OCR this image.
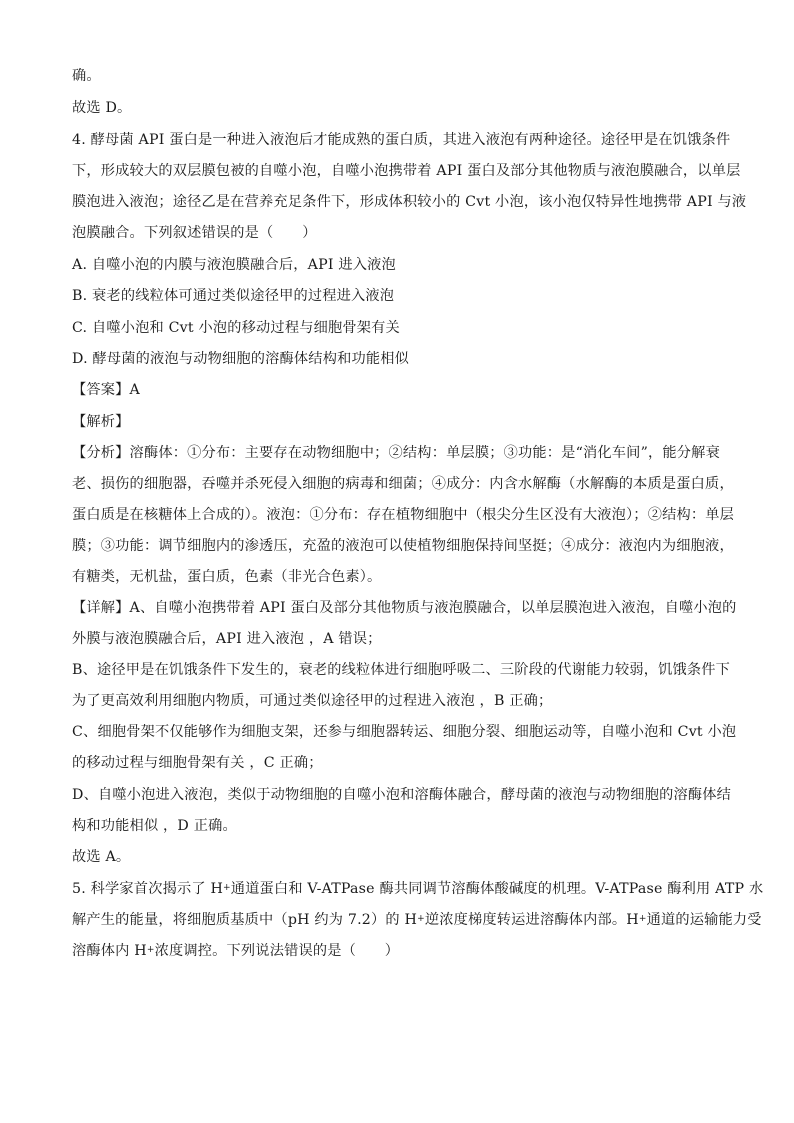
确。
故选 D。
4. 酵母菌 API 蛋白是一种进入液泡后才能成熟的蛋白质，其进入液泡有两种途径。途径甲是在饥饿条件
下，形成较大的双层膜包被的自噬小泡，自噬小泡携带着 API 蛋白及部分其他物质与液泡膜融合，以单层
膜泡进入液泡；途径乙是在营养充足条件下，形成体积较小的 Cvt 小泡，该小泡仅特异性地携带 API 与液
泡膜融合。下列叙述错误的是（　　）
A. 自噬小泡的内膜与液泡膜融合后，API 进入液泡
B. 衰老的线粒体可通过类似途径甲的过程进入液泡
C. 自噬小泡和 Cvt 小泡的移动过程与细胞骨架有关
D. 酵母菌的液泡与动物细胞的溶酶体结构和功能相似
【答案】A
【解析】
【分析】溶酶体：①分布：主要存在动物细胞中；②结构：单层膜；③功能：是“消化车间”，能分解衰
老、损伤的细胞器，吞噬并杀死侵入细胞的病毒和细菌；④成分：内含水解酶（水解酶的本质是蛋白质，
蛋白质是在核糖体上合成的）。液泡：①分布：存在植物细胞中（根尖分生区没有大液泡）；②结构：单层
膜；③功能：调节细胞内的渗透压，充盈的液泡可以使植物细胞保持间坚挺；④成分：液泡内为细胞液，
有糖类，无机盐，蛋白质，色素（非光合色素）。
【详解】A、自噬小泡携带着 API 蛋白及部分其他物质与液泡膜融合，以单层膜泡进入液泡，自噬小泡的
外膜与液泡膜融合后，API 进入液泡 ，A 错误；
B、途径甲是在饥饿条件下发生的，衰老的线粒体进行细胞呼吸二、三阶段的代谢能力较弱，饥饿条件下
为了更高效利用细胞内物质，可通过类似途径甲的过程进入液泡 ，B 正确；
C、细胞骨架不仅能够作为细胞支架，还参与细胞器转运、细胞分裂、细胞运动等，自噬小泡和 Cvt 小泡
的移动过程与细胞骨架有关 ，C 正确；
D、自噬小泡进入液泡，类似于动物细胞的自噬小泡和溶酶体融合，酵母菌的液泡与动物细胞的溶酶体结
构和功能相似 ，D 正确。
故选 A。
5. 科学家首次揭示了 H+通道蛋白和 V-ATPase 酶共同调节溶酶体酸碱度的机理。V-ATPase 酶利用 ATP 水
解产生的能量，将细胞质基质中（pH 约为 7.2）的 H+逆浓度梯度转运进溶酶体内部。H+通道的运输能力受
溶酶体内 H+浓度调控。下列说法错误的是（　　）
